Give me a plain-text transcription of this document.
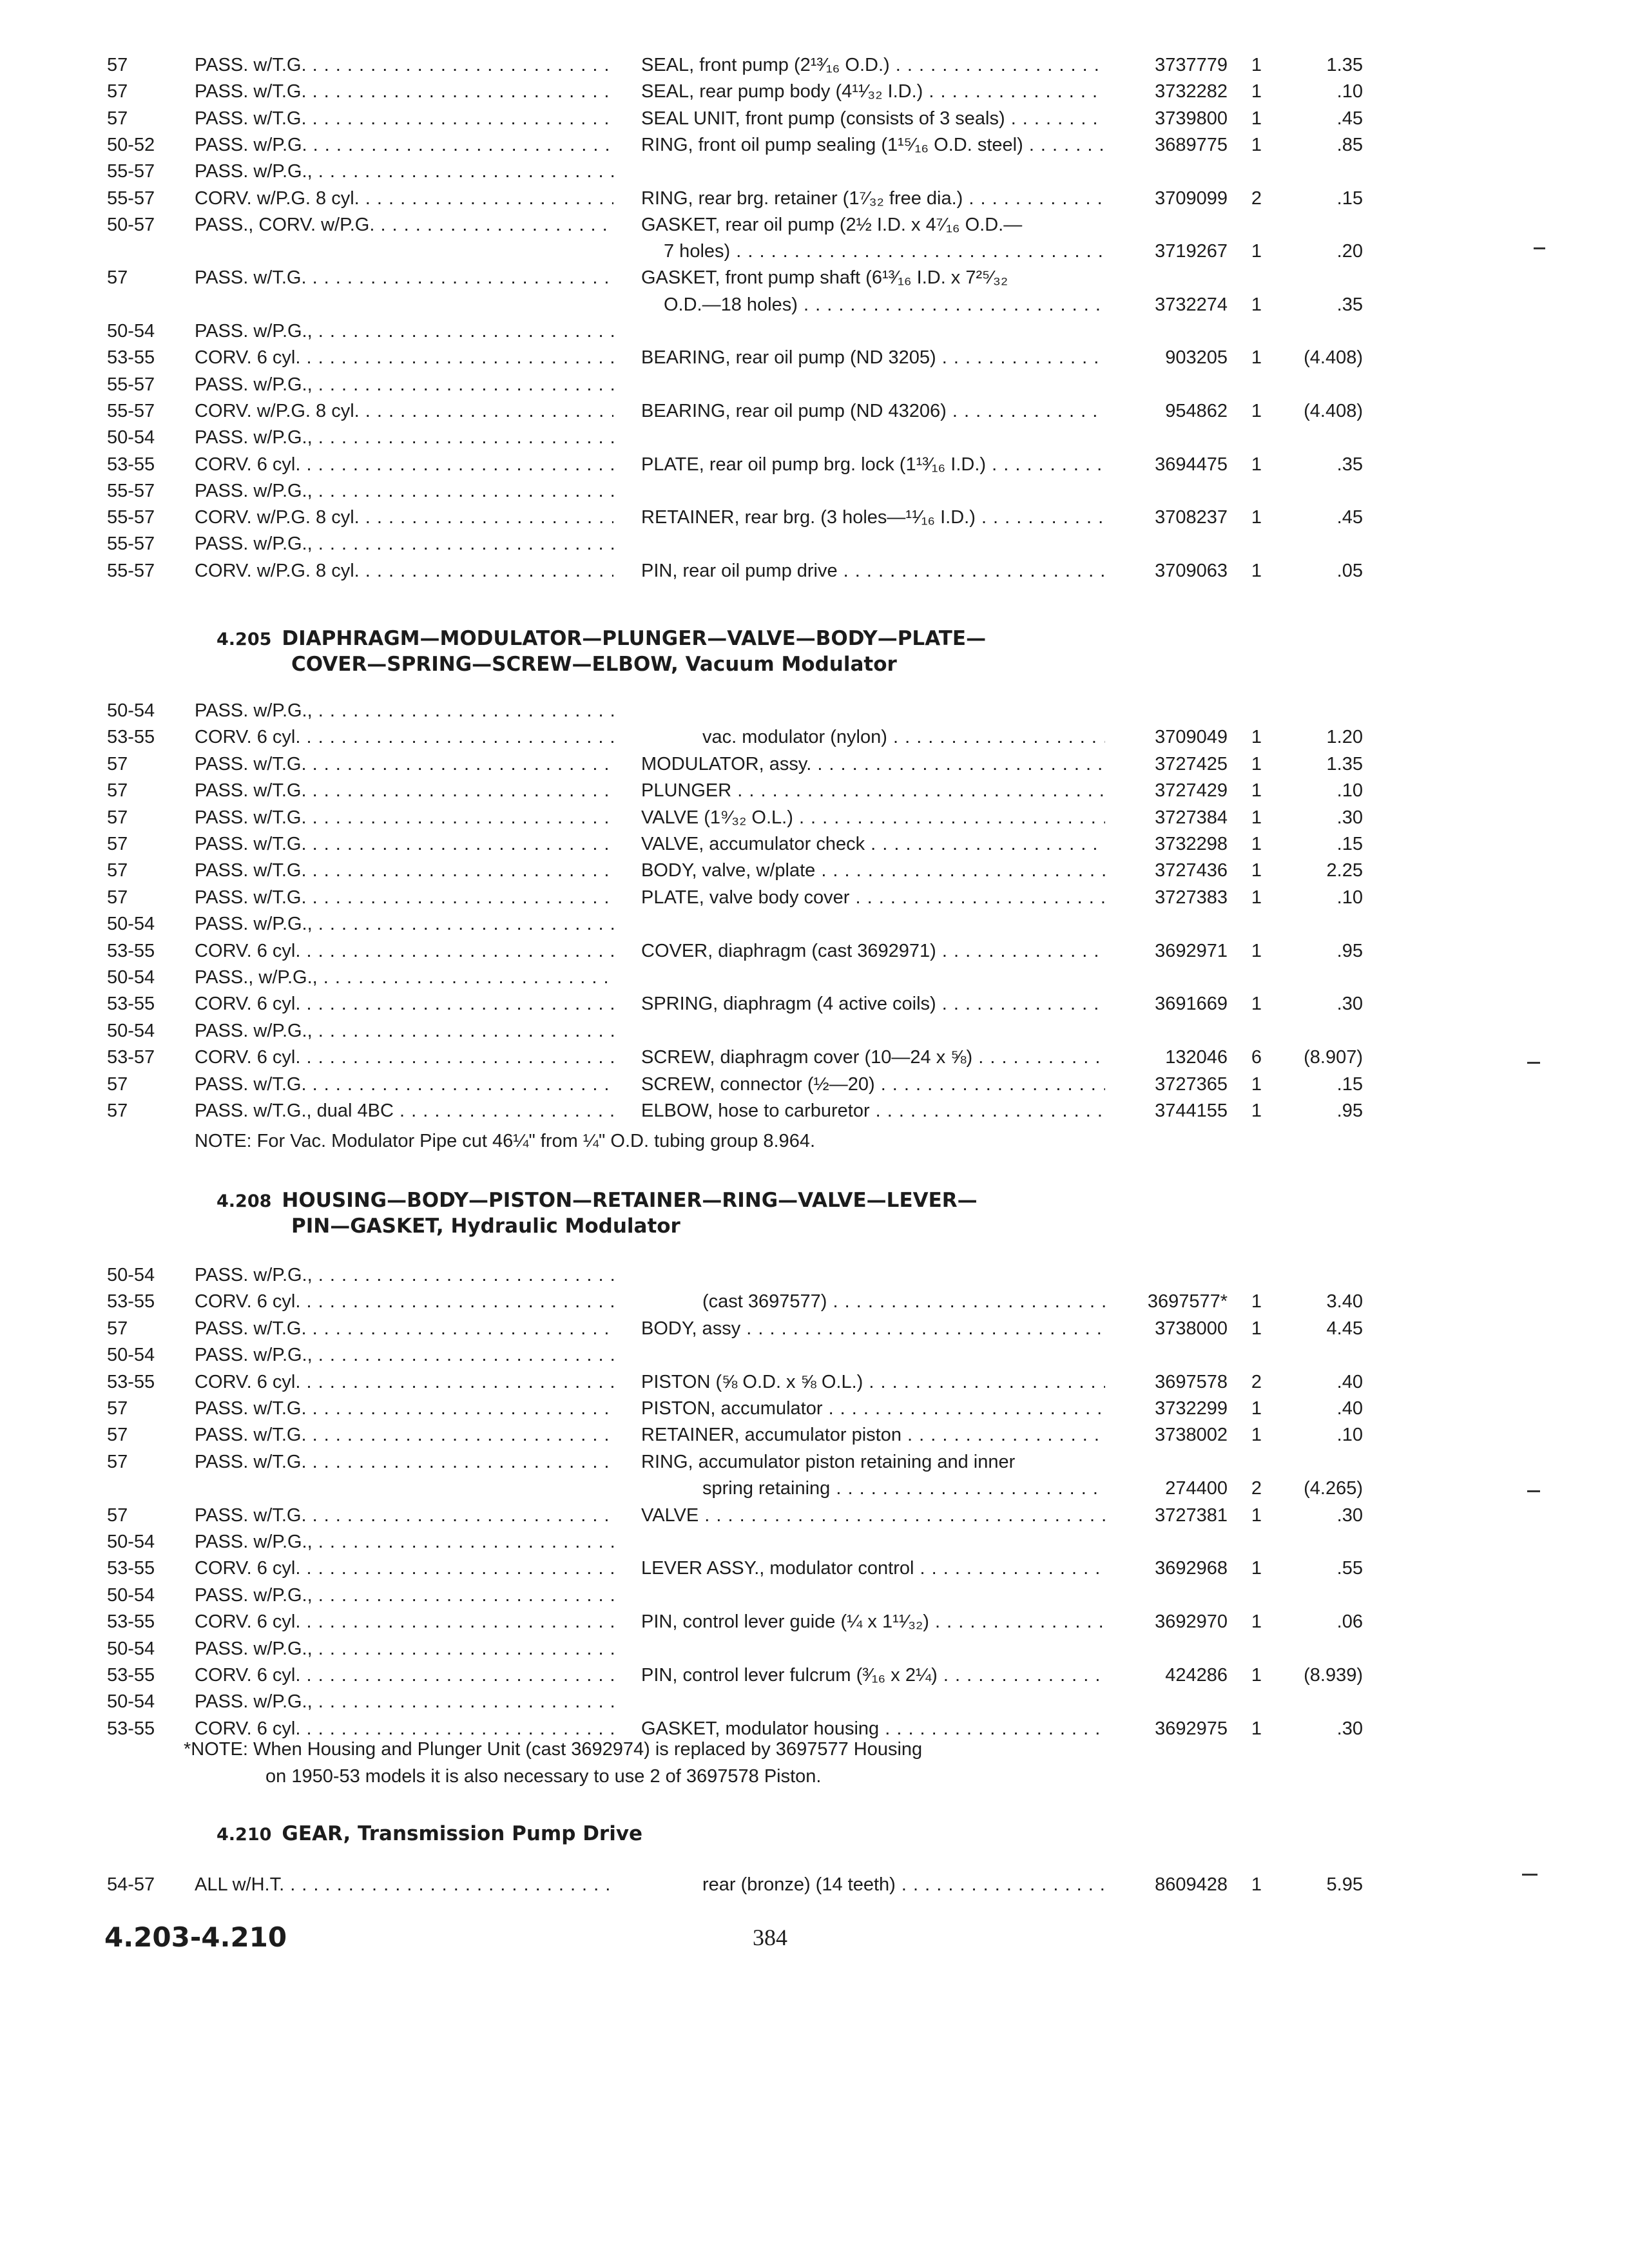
57	PASS. w/T.G. . . .	SEAL, front pump (2¹³⁄₁₆ O.D.) . . .	3737779	1	1.35
57	PASS. w/T.G. . . .	SEAL, rear pump body (4¹¹⁄₃₂ I.D.) . . .	3732282	1	.10
57	PASS. w/T.G. . . .	SEAL UNIT, front pump (consists of 3 seals) . . .	3739800	1	.45
50-52 PASS. w/P.G. . . .	RING, front oil pump sealing (1¹⁵⁄₁₆ O.D. steel) . . .	3689775	1	.85
55-57 PASS. w/P.G., . . .
55-57 CORV. w/P.G. 8 cyl. . . .	RING, rear brg. retainer (1⁷⁄₃₂ free dia.) . . .	3709099	2	.15
50-57 PASS., CORV. w/P.G. . . .	GASKET, rear oil pump (2½ I.D. x 4⁷⁄₁₆ O.D.—
7 holes) . . .	3719267	1	.20
57	PASS. w/T.G. . . .	GASKET, front pump shaft (6¹³⁄₁₆ I.D. x 7²⁵⁄₃₂
O.D.—18 holes) . . .	3732274	1	.35
50-54 PASS. w/P.G., . . .
53-55 CORV. 6 cyl. . . .	BEARING, rear oil pump (ND 3205) . . .	903205	1	(4.408)
55-57 PASS. w/P.G., . . .
55-57 CORV. w/P.G. 8 cyl. . . .	BEARING, rear oil pump (ND 43206) . . .	954862	1	(4.408)
50-54 PASS. w/P.G., . . .
53-55 CORV. 6 cyl. . . .	PLATE, rear oil pump brg. lock (1¹³⁄₁₆ I.D.) . . .	3694475	1	.35
55-57 PASS. w/P.G., . . .
55-57 CORV. w/P.G. 8 cyl. . . .	RETAINER, rear brg. (3 holes—¹¹⁄₁₆ I.D.) . . .	3708237	1	.45
55-57 PASS. w/P.G., . . .
55-57 CORV. w/P.G. 8 cyl. . . .	PIN, rear oil pump drive . . .	3709063	1	.05
4.205 DIAPHRAGM—MODULATOR—PLUNGER—VALVE—BODY—PLATE—
COVER—SPRING—SCREW—ELBOW, Vacuum Modulator
50-54 PASS. w/P.G., . . .
53-55 CORV. 6 cyl. . . .	vac. modulator (nylon) . . .	3709049	1	1.20
57	PASS. w/T.G. . . .	MODULATOR, assy. . . .	3727425	1	1.35
57	PASS. w/T.G. . . .	PLUNGER . . .	3727429	1	.10
57	PASS. w/T.G. . . .	VALVE (1⁹⁄₃₂ O.L.) . . .	3727384	1	.30
57	PASS. w/T.G. . . .	VALVE, accumulator check . . .	3732298	1	.15
57	PASS. w/T.G. . . .	BODY, valve, w/plate . . .	3727436	1	2.25
57	PASS. w/T.G. . . .	PLATE, valve body cover . . .	3727383	1	.10
50-54 PASS. w/P.G., . . .
53-55 CORV. 6 cyl. . . .	COVER, diaphragm (cast 3692971) . . .	3692971	1	.95
50-54 PASS., w/P.G., . . .
53-55 CORV. 6 cyl. . . .	SPRING, diaphragm (4 active coils) . . .	3691669	1	.30
50-54 PASS. w/P.G., . . .
53-57 CORV. 6 cyl. . . .	SCREW, diaphragm cover (10—24 x ⅝) . . .	132046	6	(8.907)
57	PASS. w/T.G. . . .	SCREW, connector (½—20) . . .	3727365	1	.15
57	PASS. w/T.G., dual 4BC . . .	ELBOW, hose to carburetor . . .	3744155	1	.95
NOTE: For Vac. Modulator Pipe cut 46¼" from ¼" O.D. tubing group 8.964.
4.208 HOUSING—BODY—PISTON—RETAINER—RING—VALVE—LEVER—
PIN—GASKET, Hydraulic Modulator
50-54 PASS. w/P.G., . . .
53-55 CORV. 6 cyl. . . .	(cast 3697577) . . .	3697577*	1	3.40
57	PASS. w/T.G. . . .	BODY, assy . . .	3738000	1	4.45
50-54 PASS. w/P.G., . . .
53-55 CORV. 6 cyl. . . .	PISTON (⅝ O.D. x ⅝ O.L.) . . .	3697578	2	.40
57	PASS. w/T.G. . . .	PISTON, accumulator . . .	3732299	1	.40
57	PASS. w/T.G. . . .	RETAINER, accumulator piston . . .	3738002	1	.10
57	PASS. w/T.G. . . .	RING, accumulator piston retaining and inner
spring retaining . . .	274400	2	(4.265)
57	PASS. w/T.G. . . .	VALVE . . .	3727381	1	.30
50-54 PASS. w/P.G., . . .
53-55 CORV. 6 cyl. . . .	LEVER ASSY., modulator control . . .	3692968	1	.55
50-54 PASS. w/P.G., . . .
53-55 CORV. 6 cyl. . . .	PIN, control lever guide (¼ x 1¹¹⁄₃₂) . . .	3692970	1	.06
50-54 PASS. w/P.G., . . .
53-55 CORV. 6 cyl. . . .	PIN, control lever fulcrum (³⁄₁₆ x 2¼) . . .	424286	1	(8.939)
50-54 PASS. w/P.G., . . .
53-55 CORV. 6 cyl. . . .	GASKET, modulator housing . . .	3692975	1	.30
*NOTE: When Housing and Plunger Unit (cast 3692974) is replaced by 3697577 Housing
on 1950-53 models it is also necessary to use 2 of 3697578 Piston.
4.210 GEAR, Transmission Pump Drive
54-57 ALL w/H.T. . . .	rear (bronze) (14 teeth) . . .	8609428	1	5.95
4.203-4.210	384
